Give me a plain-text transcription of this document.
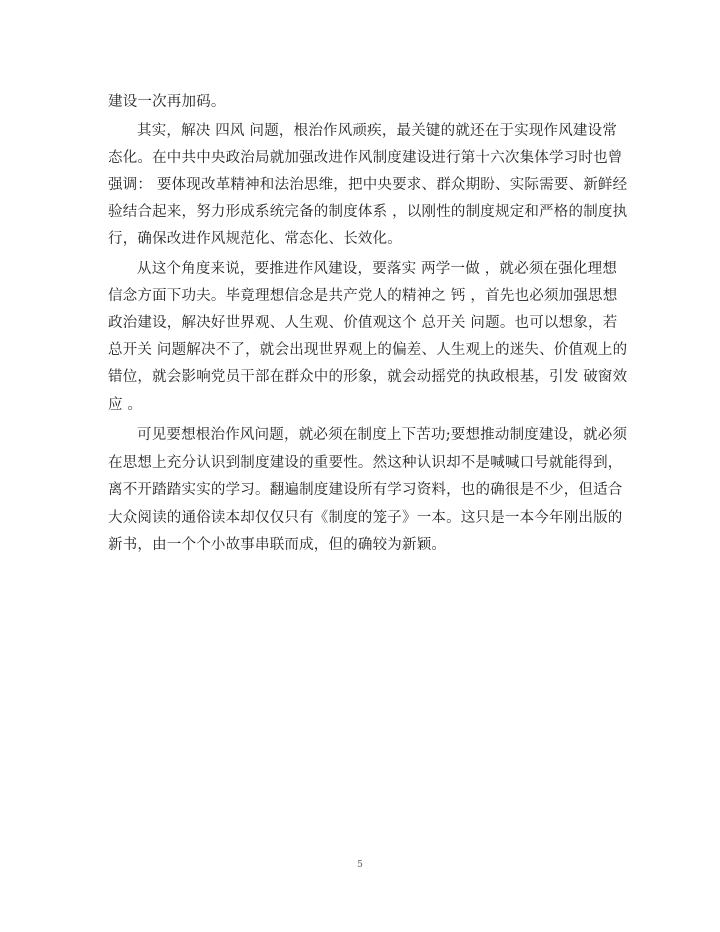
建设一次再加码。
其实，解决 四风 问题，根治作风顽疾，最关键的就还在于实现作风建设常
态化。在中共中央政治局就加强改进作风制度建设进行第十六次集体学习时也曾
强调： 要体现改革精神和法治思维，把中央要求、群众期盼、实际需要、新鲜经
验结合起来，努力形成系统完备的制度体系 ，以刚性的制度规定和严格的制度执
行，确保改进作风规范化、常态化、长效化。
从这个角度来说，要推进作风建设，要落实 两学一做 ，就必须在强化理想
信念方面下功夫。毕竟理想信念是共产党人的精神之 钙 ，首先也必须加强思想
政治建设，解决好世界观、人生观、价值观这个 总开关 问题。也可以想象，若
总开关 问题解决不了，就会出现世界观上的偏差、人生观上的迷失、价值观上的
错位，就会影响党员干部在群众中的形象，就会动摇党的执政根基，引发 破窗效
应 。
可见要想根治作风问题，就必须在制度上下苦功;要想推动制度建设，就必须
在思想上充分认识到制度建设的重要性。然这种认识却不是喊喊口号就能得到，
离不开踏踏实实的学习。翻遍制度建设所有学习资料，也的确很是不少，但适合
大众阅读的通俗读本却仅仅只有《制度的笼子》一本。这只是一本今年刚出版的
新书，由一个个小故事串联而成，但的确较为新颖。
5
